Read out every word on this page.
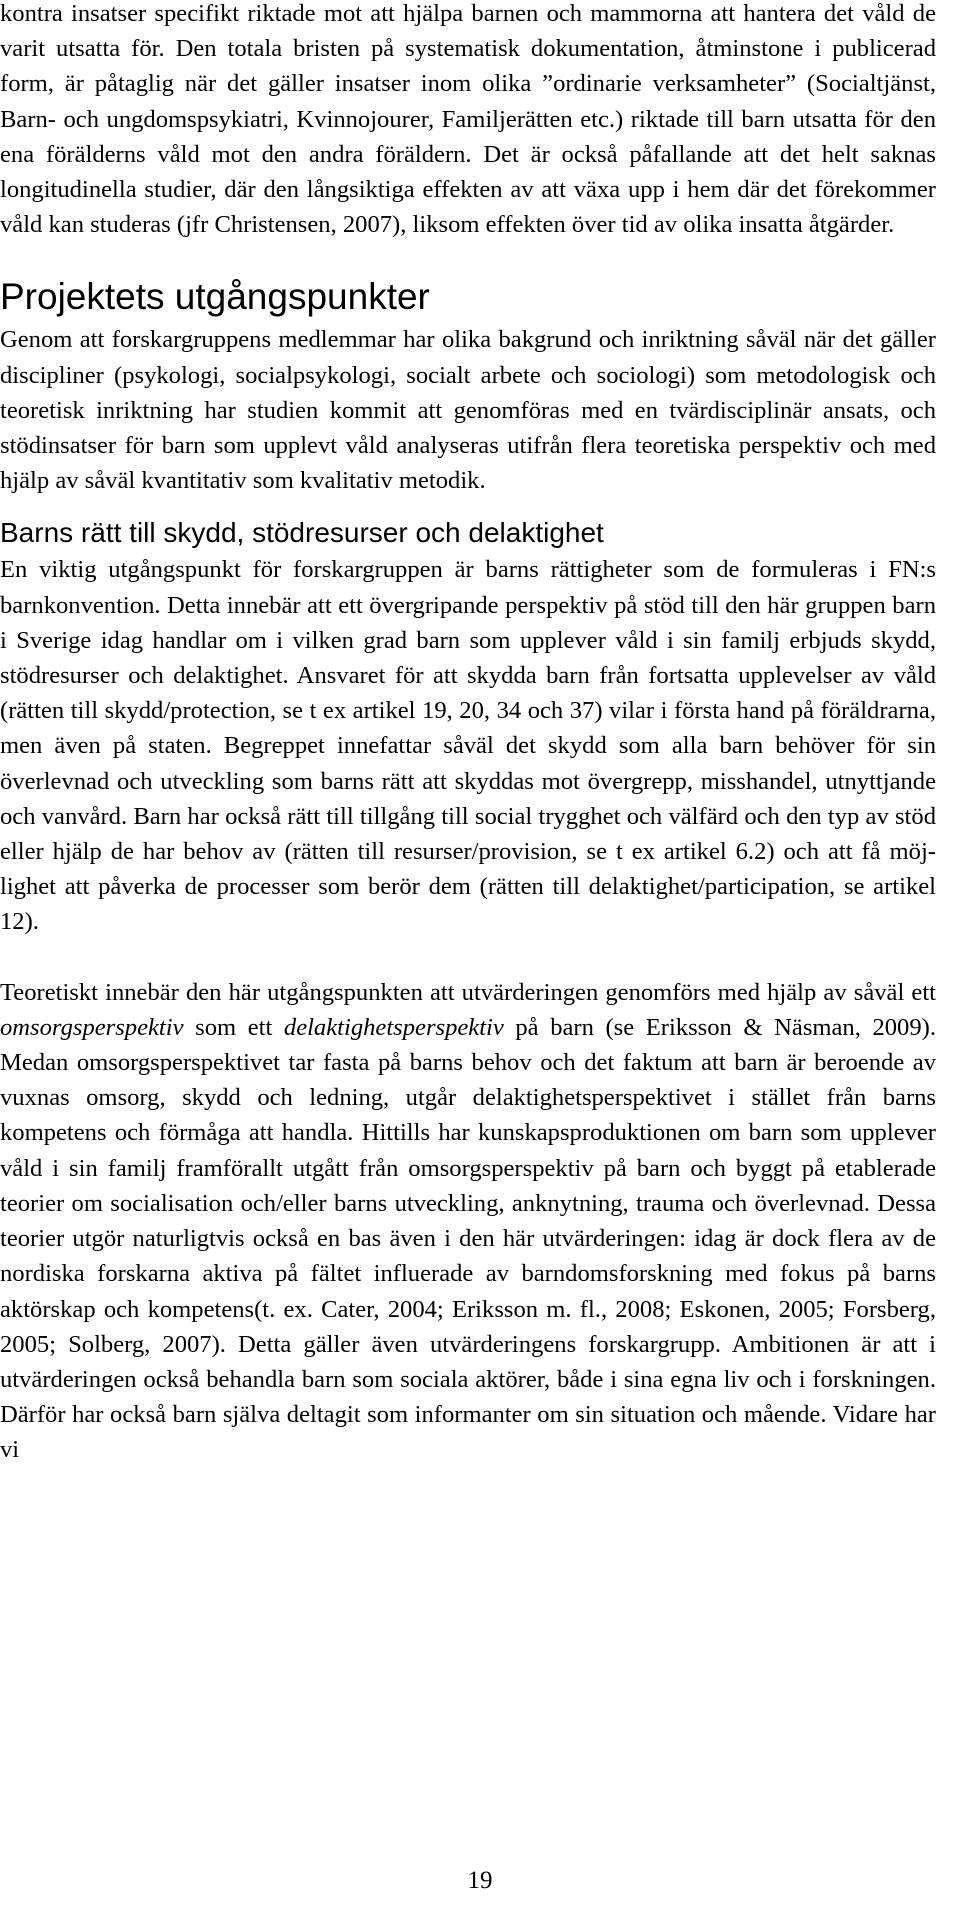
kontra insatser specifikt riktade mot att hjälpa barnen och mammorna att hantera det våld de varit utsatta för. Den totala bristen på systematisk dokumentation, åtminstone i publicerad form, är påtaglig när det gäller insatser inom olika ”ordinarie verksamheter” (Socialtjänst, Barn- och ungdomspsykiatri, Kvinnojourer, Familjerätten etc.) riktade till barn utsatta för den ena förälderns våld mot den andra föräldern. Det är också påfallande att det helt saknas longitudinella studier, där den långsiktiga effekten av att växa upp i hem där det förekommer våld kan studeras (jfr Christensen, 2007), liksom effekten över tid av olika insatta åtgärder.

Projektets utgångspunkter

Genom att forskargruppens medlemmar har olika bakgrund och inriktning såväl när det gäller discipliner (psykologi, socialpsykologi, socialt arbete och sociologi) som metodologisk och teoretisk inriktning har studien kommit att genomföras med en tvärdisciplinär ansats, och stödinsatser för barn som upplevt våld analyseras utifrån flera teoretiska perspektiv och med hjälp av såväl kvantitativ som kvalitativ metodik.

Barns rätt till skydd, stödresurser och delaktighet

En viktig utgångspunkt för forskargruppen är barns rättigheter som de formuleras i FN:s barnkonvention. Detta innebär att ett övergripande perspektiv på stöd till den här gruppen barn i Sverige idag handlar om i vilken grad barn som upplever våld i sin familj erbjuds skydd, stödresurser och delaktighet. Ansvaret för att skydda barn från fortsatta upplevelser av våld (rätten till skydd/protection, se t ex artikel 19, 20, 34 och 37) vilar i första hand på föräldrarna, men även på staten. Begreppet innefattar såväl det skydd som alla barn behöver för sin överlevnad och utveckling som barns rätt att skyddas mot övergrepp, misshandel, utnyttjande och vanvård. Barn har också rätt till tillgång till social trygghet och välfärd och den typ av stöd eller hjälp de har behov av (rätten till resurser/provision, se t ex artikel 6.2) och att få möjlighet att påverka de processer som berör dem (rätten till delaktighet/participation, se artikel 12).

Teoretiskt innebär den här utgångspunkten att utvärderingen genomförs med hjälp av såväl ett omsorgsperspektiv som ett delaktighetsperspektiv på barn (se Eriksson & Näsman, 2009). Medan omsorgsperspektivet tar fasta på barns behov och det faktum att barn är beroende av vuxnas omsorg, skydd och ledning, utgår delaktighetsperspektivet i stället från barns kompetens och förmåga att handla. Hittills har kunskapsproduktionen om barn som upplever våld i sin familj framförallt utgått från omsorgsperspektiv på barn och byggt på etablerade teorier om socialisation och/eller barns utveckling, anknytning, trauma och överlevnad. Dessa teorier utgör naturligtvis också en bas även i den här utvärderingen: idag är dock flera av de nordiska forskarna aktiva på fältet influerade av barndomsforskning med fokus på barns aktörskap och kompetens(t. ex. Cater, 2004; Eriksson m. fl., 2008; Eskonen, 2005; Forsberg, 2005; Solberg, 2007). Detta gäller även utvärderingens forskargrupp. Ambitionen är att i utvärderingen också behandla barn som sociala aktörer, både i sina egna liv och i forskningen. Därför har också barn själva deltagit som informanter om sin situation och mående. Vidare har vi

19
